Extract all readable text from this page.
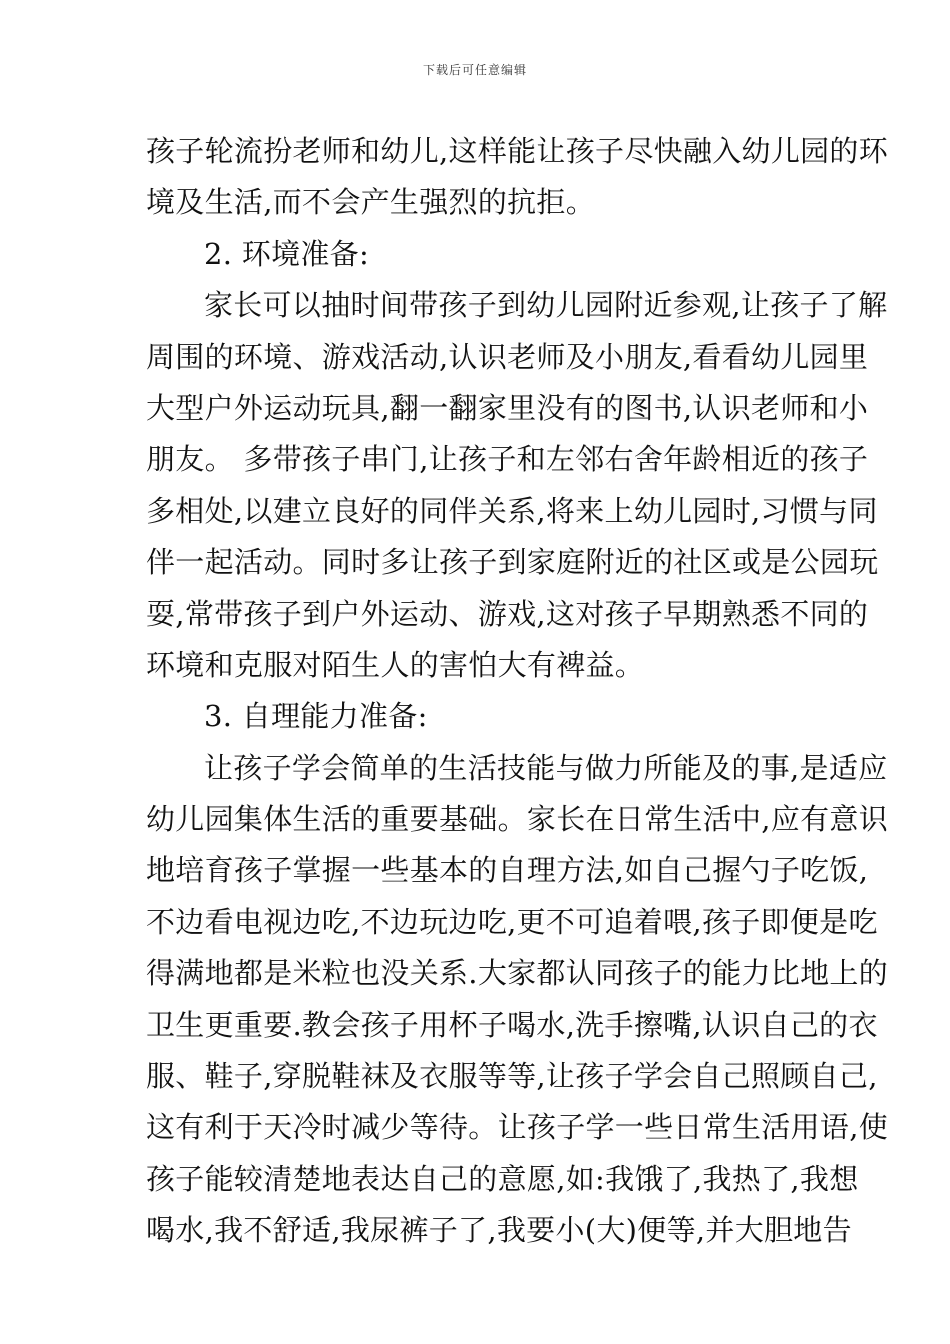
下载后可任意编辑
孩子轮流扮老师和幼儿,这样能让孩子尽快融入幼儿园的环
境及生活,而不会产生强烈的抗拒。
2. 环境准备:
家长可以抽时间带孩子到幼儿园附近参观,让孩子了解
周围的环境、游戏活动,认识老师及小朋友,看看幼儿园里
大型户外运动玩具,翻一翻家里没有的图书,认识老师和小
朋友。 多带孩子串门,让孩子和左邻右舍年龄相近的孩子
多相处,以建立良好的同伴关系,将来上幼儿园时,习惯与同
伴一起活动。同时多让孩子到家庭附近的社区或是公园玩
耍,常带孩子到户外运动、游戏,这对孩子早期熟悉不同的
环境和克服对陌生人的害怕大有裨益。
3. 自理能力准备:
让孩子学会简单的生活技能与做力所能及的事,是适应
幼儿园集体生活的重要基础。家长在日常生活中,应有意识
地培育孩子掌握一些基本的自理方法,如自己握勺子吃饭,
不边看电视边吃,不边玩边吃,更不可追着喂,孩子即便是吃
得满地都是米粒也没关系.大家都认同孩子的能力比地上的
卫生更重要.教会孩子用杯子喝水,洗手擦嘴,认识自己的衣
服、鞋子,穿脱鞋袜及衣服等等,让孩子学会自己照顾自己,
这有利于天冷时减少等待。让孩子学一些日常生活用语,使
孩子能较清楚地表达自己的意愿,如:我饿了,我热了,我想
喝水,我不舒适,我尿裤子了,我要小(大)便等,并大胆地告
